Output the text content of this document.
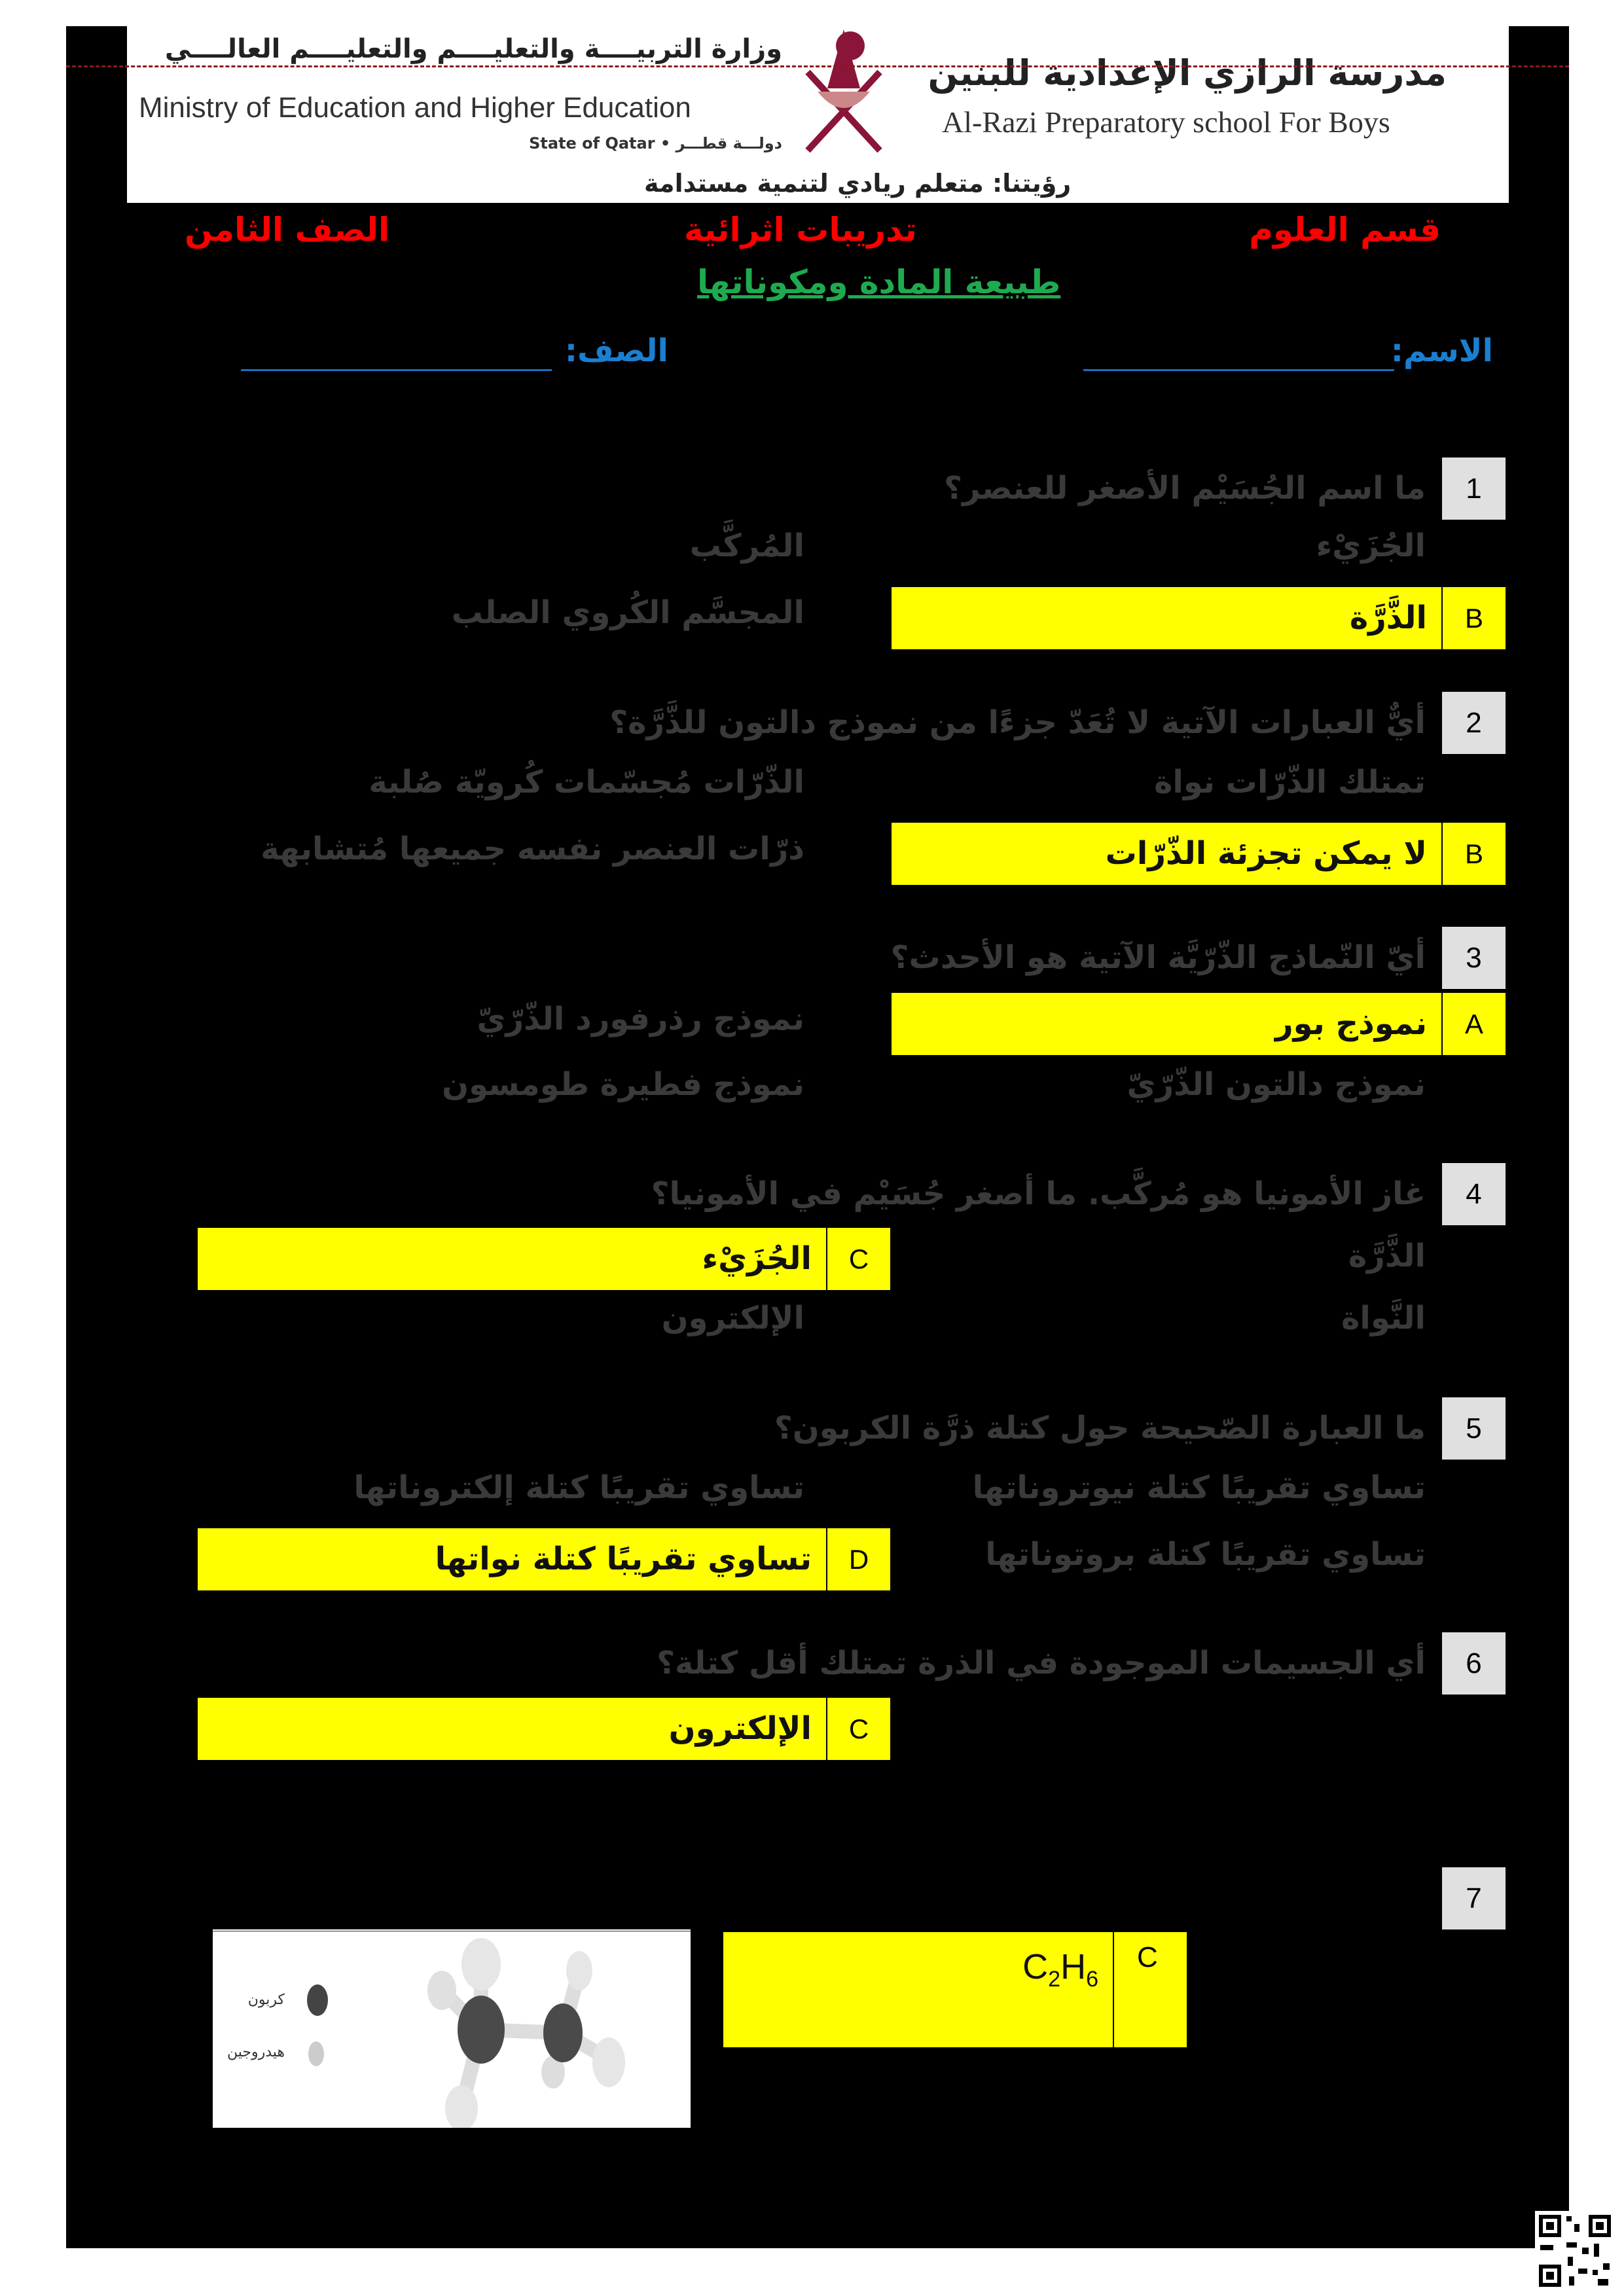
وزارة التربيــــة والتعليــــم والتعليــــم العالــــي
Ministry of Education and Higher Education
State of Qatar • دولـــة قطـــر
مدرسة الرازي الإعدادية للبنين
Al-Razi Preparatory school For Boys
رؤيتنا: متعلم ريادي لتنمية مستدامة
قسم العلوم
تدريبات اثرائية
الصف الثامن
طبيعة المادة ومكوناتها
الاسم:
الصف:
1
ما اسم الجُسَيْم الأصغر للعنصر؟
الجُزَيْء
المُركَّب
B
الذَّرَّة
المجسَّم الكُروي الصلب
2
أيٌّ العبارات الآتية لا تُعَدّ جزءًا من نموذج دالتون للذَّرَّة؟
تمتلك الذّرّات نواة
الذّرّات مُجسّمات كُرويّة صُلبة
B
لا يمكن تجزئة الذّرّات
ذرّات العنصر نفسه جميعها مُتشابهة
3
أيّ النّماذج الذّرّيَّة الآتية هو الأحدث؟
A
نموذج بور
نموذج رذرفورد الذّرّيّ
نموذج دالتون الذّرّيّ
نموذج فطيرة طومسون
4
غاز الأمونيا هو مُركَّب. ما أصغر جُسَيْم في الأمونيا؟
الذَّرَّة
C
الجُزَيْء
النَّواة
الإلكترون
5
ما العبارة الصّحيحة حول كتلة ذرَّة الكربون؟
تساوي تقريبًا كتلة نيوتروناتها
تساوي تقريبًا كتلة إلكتروناتها
تساوي تقريبًا كتلة بروتوناتها
D
تساوي تقريبًا كتلة نواتها
6
أي الجسيمات الموجودة في الذرة تمتلك أقل كتلة؟
C
الإلكترون
7
كربون
هيدروجين
C
$C_2H_6$
